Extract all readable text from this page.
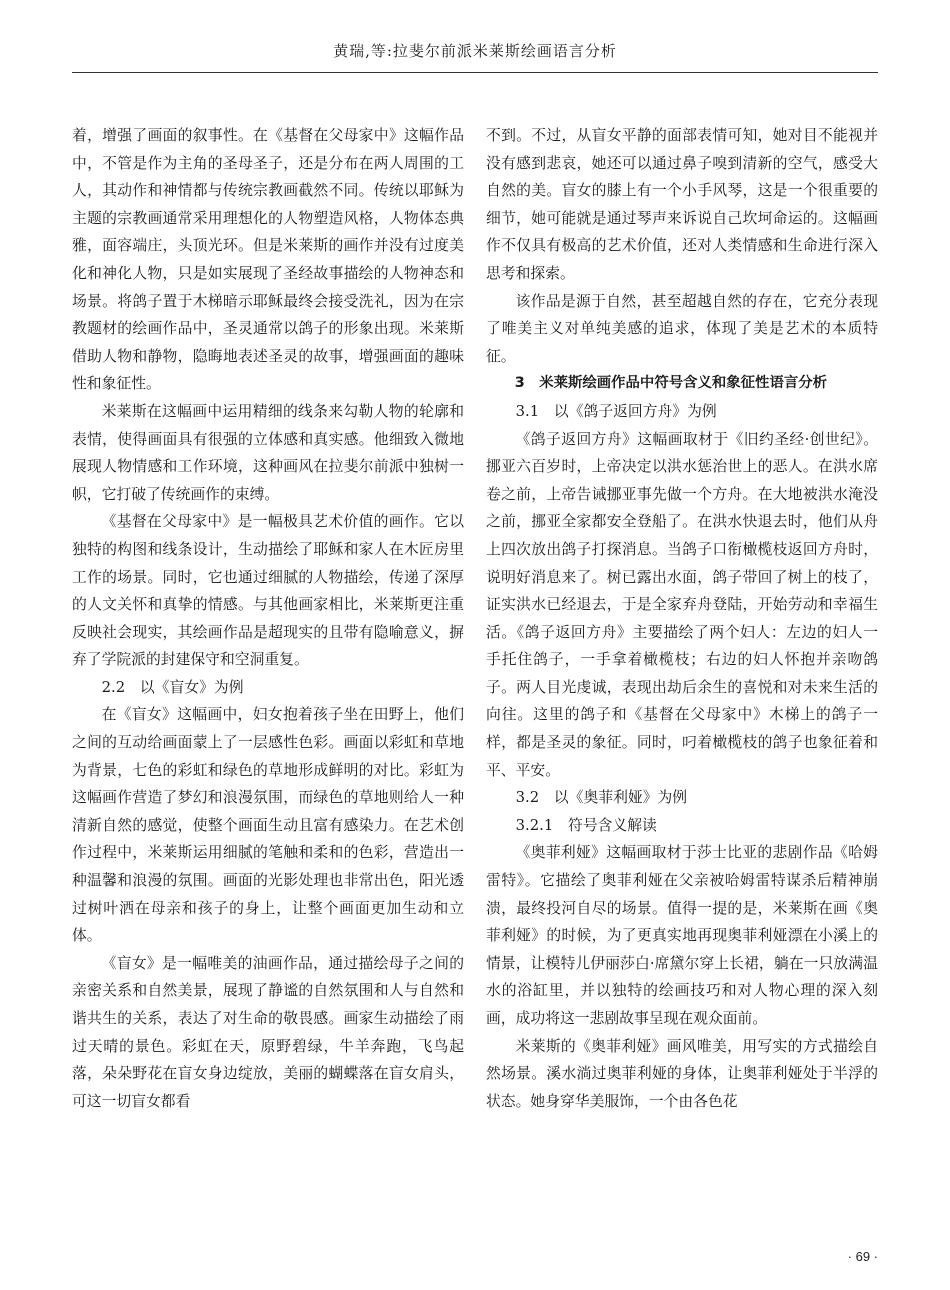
黄瑞,等:拉斐尔前派米莱斯绘画语言分析

着，增强了画面的叙事性。在《基督在父母家中》这幅作品中，不管是作为主角的圣母圣子，还是分布在两人周围的工人，其动作和神情都与传统宗教画截然不同。传统以耶稣为主题的宗教画通常采用理想化的人物塑造风格，人物体态典雅，面容端庄，头顶光环。但是米莱斯的画作并没有过度美化和神化人物，只是如实展现了圣经故事描绘的人物神态和场景。将鸽子置于木梯暗示耶稣最终会接受洗礼，因为在宗教题材的绘画作品中，圣灵通常以鸽子的形象出现。米莱斯借助人物和静物，隐晦地表述圣灵的故事，增强画面的趣味性和象征性。

米莱斯在这幅画中运用精细的线条来勾勒人物的轮廓和表情，使得画面具有很强的立体感和真实感。他细致入微地展现人物情感和工作环境，这种画风在拉斐尔前派中独树一帜，它打破了传统画作的束缚。

《基督在父母家中》是一幅极具艺术价值的画作。它以独特的构图和线条设计，生动描绘了耶稣和家人在木匠房里工作的场景。同时，它也通过细腻的人物描绘，传递了深厚的人文关怀和真挚的情感。与其他画家相比，米莱斯更注重反映社会现实，其绘画作品是超现实的且带有隐喻意义，摒弃了学院派的封建保守和空洞重复。

2.2　以《盲女》为例

在《盲女》这幅画中，妇女抱着孩子坐在田野上，他们之间的互动给画面蒙上了一层感性色彩。画面以彩虹和草地为背景，七色的彩虹和绿色的草地形成鲜明的对比。彩虹为这幅画作营造了梦幻和浪漫氛围，而绿色的草地则给人一种清新自然的感觉，使整个画面生动且富有感染力。在艺术创作过程中，米莱斯运用细腻的笔触和柔和的色彩，营造出一种温馨和浪漫的氛围。画面的光影处理也非常出色，阳光透过树叶洒在母亲和孩子的身上，让整个画面更加生动和立体。

《盲女》是一幅唯美的油画作品，通过描绘母子之间的亲密关系和自然美景，展现了静谧的自然氛围和人与自然和谐共生的关系，表达了对生命的敬畏感。画家生动描绘了雨过天晴的景色。彩虹在天，原野碧绿，牛羊奔跑，飞鸟起落，朵朵野花在盲女身边绽放，美丽的蝴蝶落在盲女肩头，可这一切盲女都看

不到。不过，从盲女平静的面部表情可知，她对目不能视并没有感到悲哀，她还可以通过鼻子嗅到清新的空气，感受大自然的美。盲女的膝上有一个小手风琴，这是一个很重要的细节，她可能就是通过琴声来诉说自己坎坷命运的。这幅画作不仅具有极高的艺术价值，还对人类情感和生命进行深入思考和探索。

该作品是源于自然，甚至超越自然的存在，它充分表现了唯美主义对单纯美感的追求，体现了美是艺术的本质特征。

3　米莱斯绘画作品中符号含义和象征性语言分析

3.1　以《鸽子返回方舟》为例

《鸽子返回方舟》这幅画取材于《旧约圣经·创世纪》。挪亚六百岁时，上帝决定以洪水惩治世上的恶人。在洪水席卷之前，上帝告诫挪亚事先做一个方舟。在大地被洪水淹没之前，挪亚全家都安全登船了。在洪水快退去时，他们从舟上四次放出鸽子打探消息。当鸽子口衔橄榄枝返回方舟时，说明好消息来了。树已露出水面，鸽子带回了树上的枝了，证实洪水已经退去，于是全家弃舟登陆，开始劳动和幸福生活。《鸽子返回方舟》主要描绘了两个妇人：左边的妇人一手托住鸽子，一手拿着橄榄枝；右边的妇人怀抱并亲吻鸽子。两人目光虔诚，表现出劫后余生的喜悦和对未来生活的向往。这里的鸽子和《基督在父母家中》木梯上的鸽子一样，都是圣灵的象征。同时，叼着橄榄枝的鸽子也象征着和平、平安。

3.2　以《奥菲利娅》为例

3.2.1　符号含义解读

《奥菲利娅》这幅画取材于莎士比亚的悲剧作品《哈姆雷特》。它描绘了奥菲利娅在父亲被哈姆雷特谋杀后精神崩溃，最终投河自尽的场景。值得一提的是，米莱斯在画《奥菲利娅》的时候，为了更真实地再现奥菲利娅漂在小溪上的情景，让模特儿伊丽莎白·席黛尔穿上长裙，躺在一只放满温水的浴缸里，并以独特的绘画技巧和对人物心理的深入刻画，成功将这一悲剧故事呈现在观众面前。

米莱斯的《奥菲利娅》画风唯美，用写实的方式描绘自然场景。溪水淌过奥菲利娅的身体，让奥菲利娅处于半浮的状态。她身穿华美服饰，一个由各色花

· 69 ·
